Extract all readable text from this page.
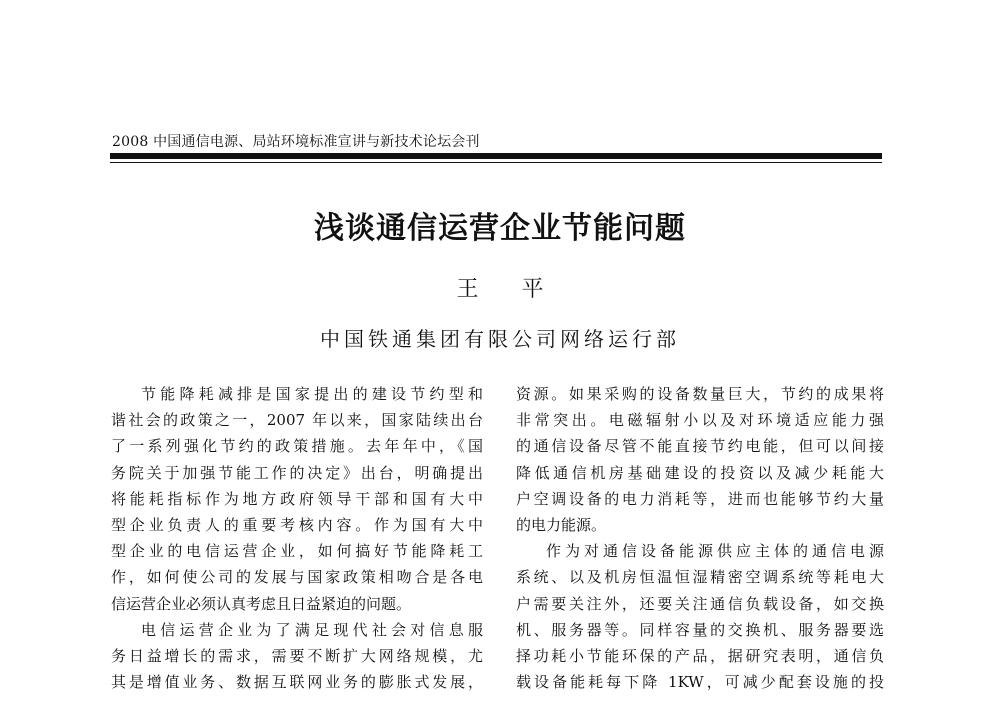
2008 中国通信电源、局站环境标准宣讲与新技术论坛会刊
浅谈通信运营企业节能问题
王 平
中国铁通集团有限公司网络运行部

节能降耗减排是国家提出的建设节约型和

谐社会的政策之一，2007 年以来，国家陆续出台

了一系列强化节约的政策措施。去年年中，《国

务院关于加强节能工作的决定》出台，明确提出

将能耗指标作为地方政府领导干部和国有大中

型企业负责人的重要考核内容。作为国有大中

型企业的电信运营企业，如何搞好节能降耗工

作，如何使公司的发展与国家政策相吻合是各电

信运营企业必须认真考虑且日益紧迫的问题。

电信运营企业为了满足现代社会对信息服

务日益增长的需求，需要不断扩大网络规模，尤

其是增值业务、数据互联网业务的膨胀式发展，

资源。如果采购的设备数量巨大，节约的成果将

非常突出。电磁辐射小以及对环境适应能力强

的通信设备尽管不能直接节约电能，但可以间接

降低通信机房基础建设的投资以及减少耗能大

户空调设备的电力消耗等，进而也能够节约大量

的电力能源。

作为对通信设备能源供应主体的通信电源

系统、以及机房恒温恒湿精密空调系统等耗电大

户需要关注外，还要关注通信负载设备，如交换

机、服务器等。同样容量的交换机、服务器要选

择功耗小节能环保的产品，据研究表明，通信负

载设备能耗每下降 1KW，可减少配套设施的投
